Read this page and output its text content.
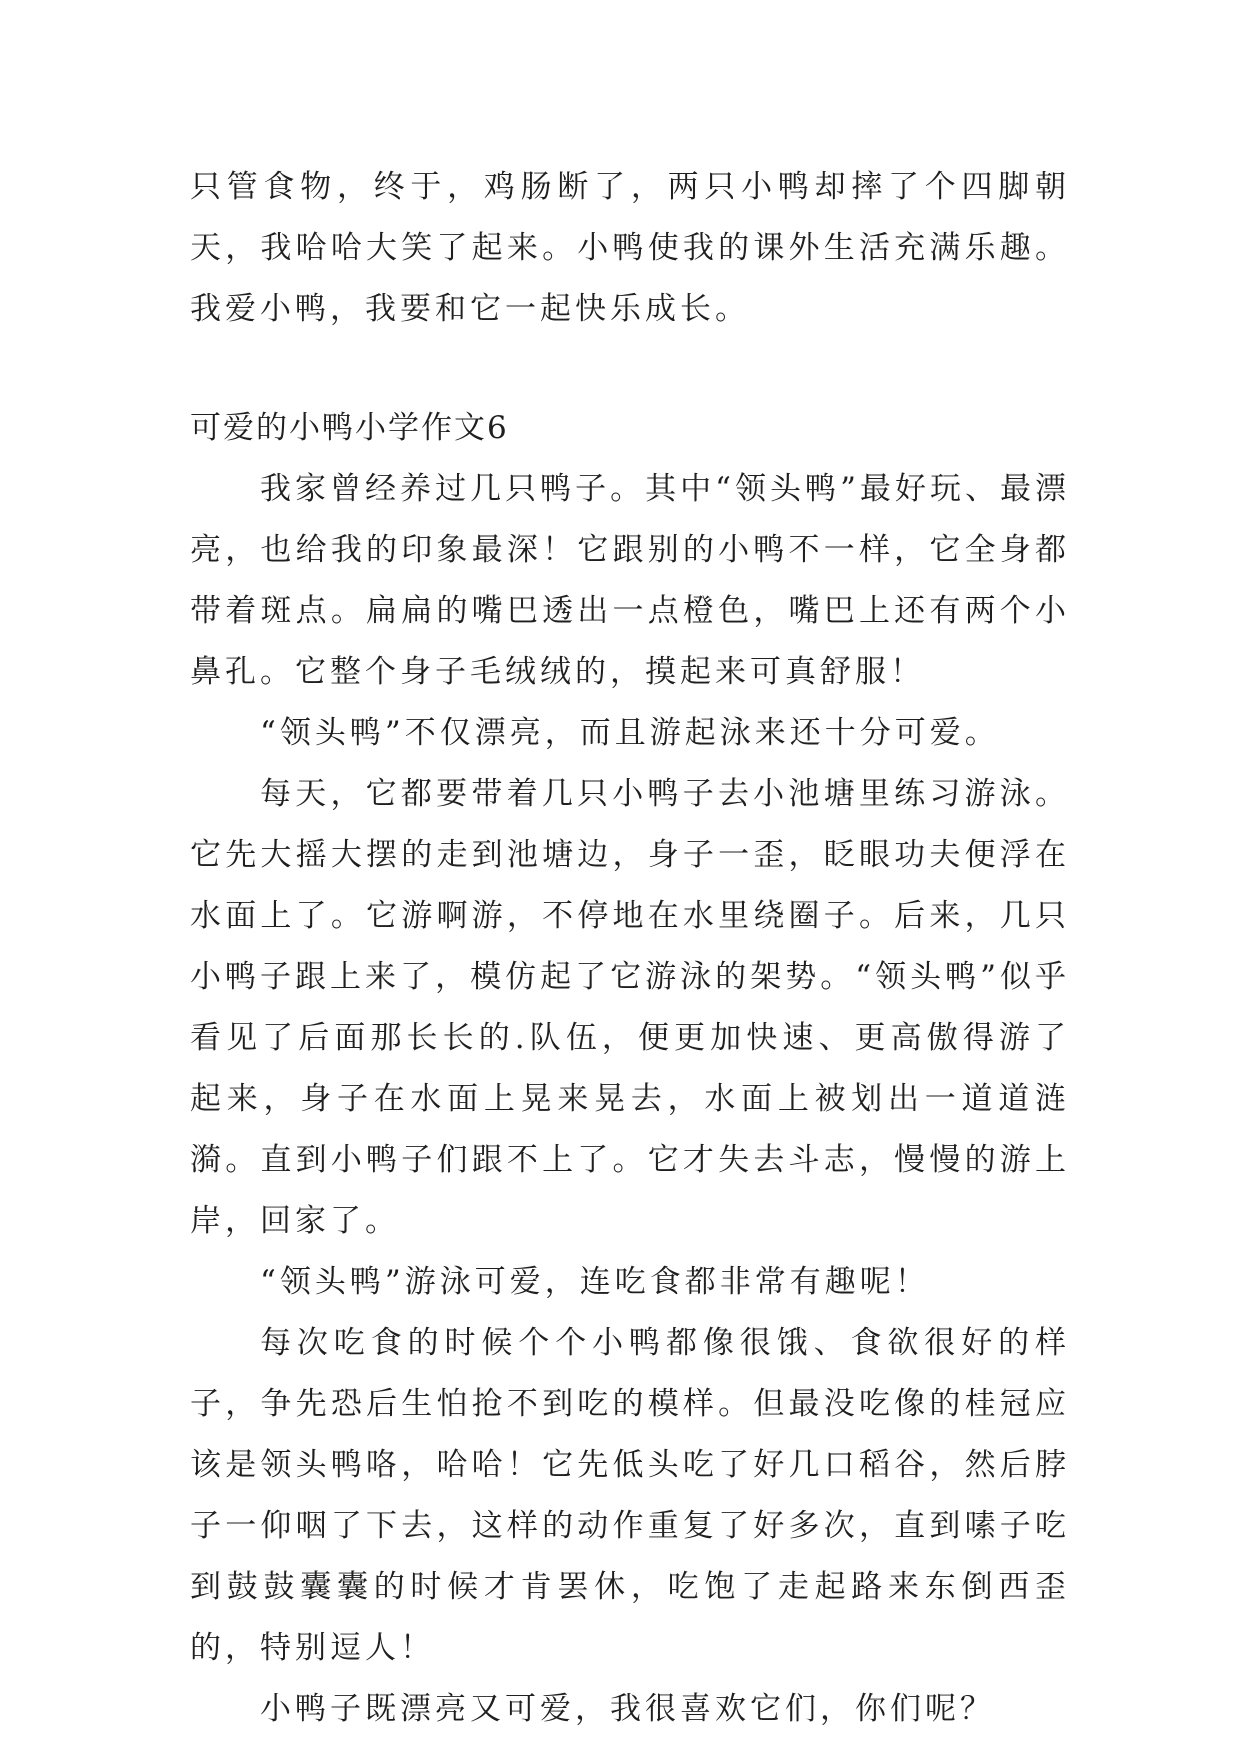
只管食物，终于，鸡肠断了，两只小鸭却摔了个四脚朝天，我哈哈大笑了起来。小鸭使我的课外生活充满乐趣。我爱小鸭，我要和它一起快乐成长。

可爱的小鸭小学作文6

我家曾经养过几只鸭子。其中“领头鸭”最好玩、最漂亮，也给我的印象最深！它跟别的小鸭不一样，它全身都带着斑点。扁扁的嘴巴透出一点橙色，嘴巴上还有两个小鼻孔。它整个身子毛绒绒的，摸起来可真舒服！

“领头鸭”不仅漂亮，而且游起泳来还十分可爱。

每天，它都要带着几只小鸭子去小池塘里练习游泳。它先大摇大摆的走到池塘边，身子一歪，眨眼功夫便浮在水面上了。它游啊游，不停地在水里绕圈子。后来，几只小鸭子跟上来了，模仿起了它游泳的架势。“领头鸭”似乎看见了后面那长长的.队伍，便更加快速、更高傲得游了起来，身子在水面上晃来晃去，水面上被划出一道道涟漪。直到小鸭子们跟不上了。它才失去斗志，慢慢的游上岸，回家了。

“领头鸭”游泳可爱，连吃食都非常有趣呢！

每次吃食的时候个个小鸭都像很饿、食欲很好的样子，争先恐后生怕抢不到吃的模样。但最没吃像的桂冠应该是领头鸭咯，哈哈！它先低头吃了好几口稻谷，然后脖子一仰咽了下去，这样的动作重复了好多次，直到嗉子吃到鼓鼓囊囊的时候才肯罢休，吃饱了走起路来东倒西歪的，特别逗人！

小鸭子既漂亮又可爱，我很喜欢它们，你们呢？
